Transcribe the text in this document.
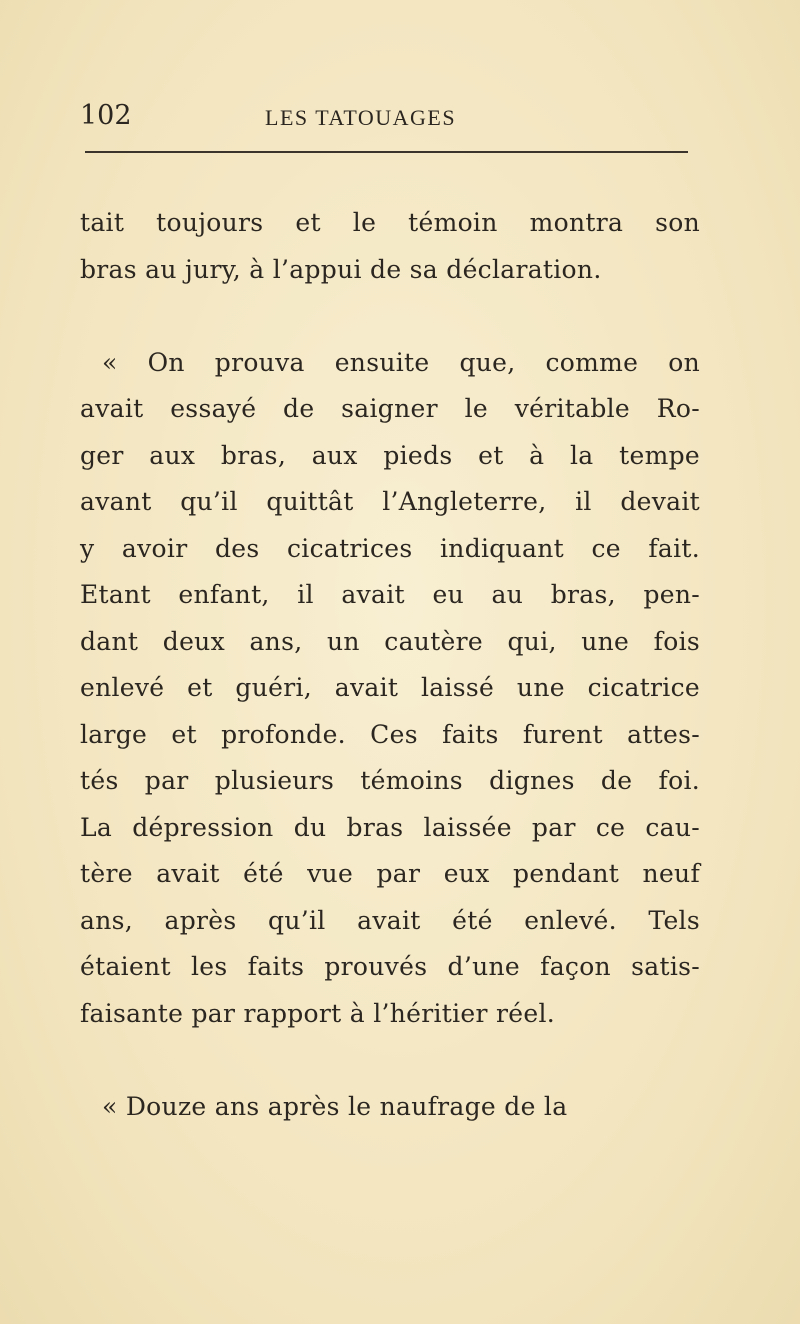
102	LES TATOUAGES
tait toujours et le témoin montra son
bras au jury, à l’appui de sa déclaration.
« On prouva ensuite que, comme on
avait essayé de saigner le véritable Ro-
ger aux bras, aux pieds et à la tempe
avant qu’il quittât l’Angleterre, il devait
y avoir des cicatrices indiquant ce fait.
Etant enfant, il avait eu au bras, pen-
dant deux ans, un cautère qui, une fois
enlevé et guéri, avait laissé une cicatrice
large et profonde. Ces faits furent attes-
tés par plusieurs témoins dignes de foi.
La dépression du bras laissée par ce cau-
tère avait été vue par eux pendant neuf
ans, après qu’il avait été enlevé. Tels
étaient les faits prouvés d’une façon satis-
faisante par rapport à l’héritier réel.
« Douze ans après le naufrage de la
